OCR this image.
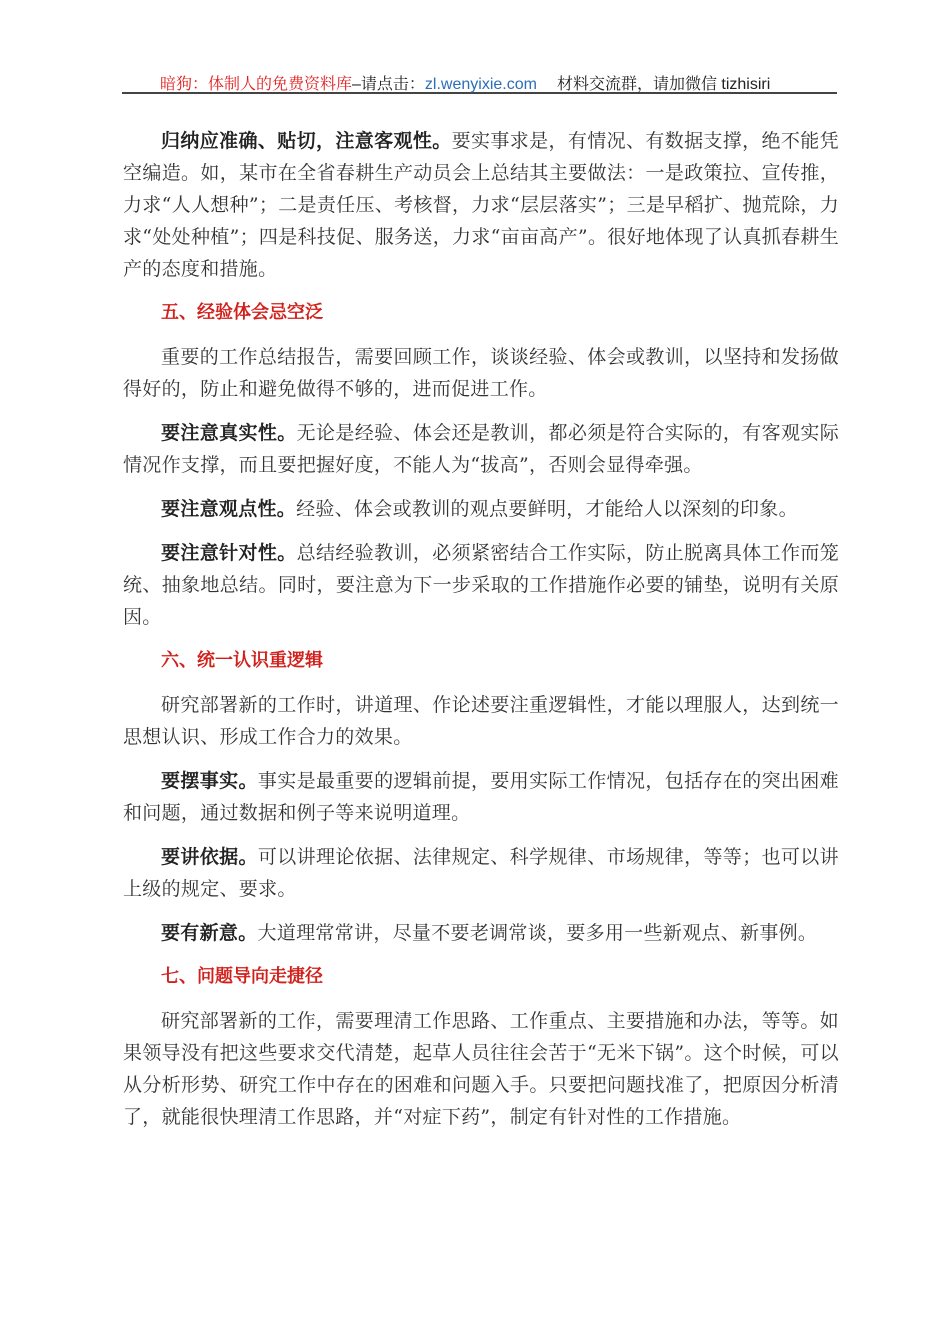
暗狗：体制人的免费资料库–请点击：zl.wenyixie.com 材料交流群，请加微信 tizhisiri

归纳应准确、贴切，注意客观性。要实事求是，有情况、有数据支撑，绝不能凭空编造。如，某市在全省春耕生产动员会上总结其主要做法：一是政策拉、宣传推，力求“人人想种”；二是责任压、考核督，力求“层层落实”；三是早稻扩、抛荒除，力求“处处种植”；四是科技促、服务送，力求“亩亩高产”。很好地体现了认真抓春耕生产的态度和措施。

五、经验体会忌空泛

重要的工作总结报告，需要回顾工作，谈谈经验、体会或教训，以坚持和发扬做得好的，防止和避免做得不够的，进而促进工作。

要注意真实性。无论是经验、体会还是教训，都必须是符合实际的，有客观实际情况作支撑，而且要把握好度，不能人为“拔高”，否则会显得牵强。

要注意观点性。经验、体会或教训的观点要鲜明，才能给人以深刻的印象。

要注意针对性。总结经验教训，必须紧密结合工作实际，防止脱离具体工作而笼统、抽象地总结。同时，要注意为下一步采取的工作措施作必要的铺垫，说明有关原因。

六、统一认识重逻辑

研究部署新的工作时，讲道理、作论述要注重逻辑性，才能以理服人，达到统一思想认识、形成工作合力的效果。

要摆事实。事实是最重要的逻辑前提，要用实际工作情况，包括存在的突出困难和问题，通过数据和例子等来说明道理。

要讲依据。可以讲理论依据、法律规定、科学规律、市场规律，等等；也可以讲上级的规定、要求。

要有新意。大道理常常讲，尽量不要老调常谈，要多用一些新观点、新事例。

七、问题导向走捷径

研究部署新的工作，需要理清工作思路、工作重点、主要措施和办法，等等。如果领导没有把这些要求交代清楚，起草人员往往会苦于“无米下锅”。这个时候，可以从分析形势、研究工作中存在的困难和问题入手。只要把问题找准了，把原因分析清了，就能很快理清工作思路，并“对症下药”，制定有针对性的工作措施。
